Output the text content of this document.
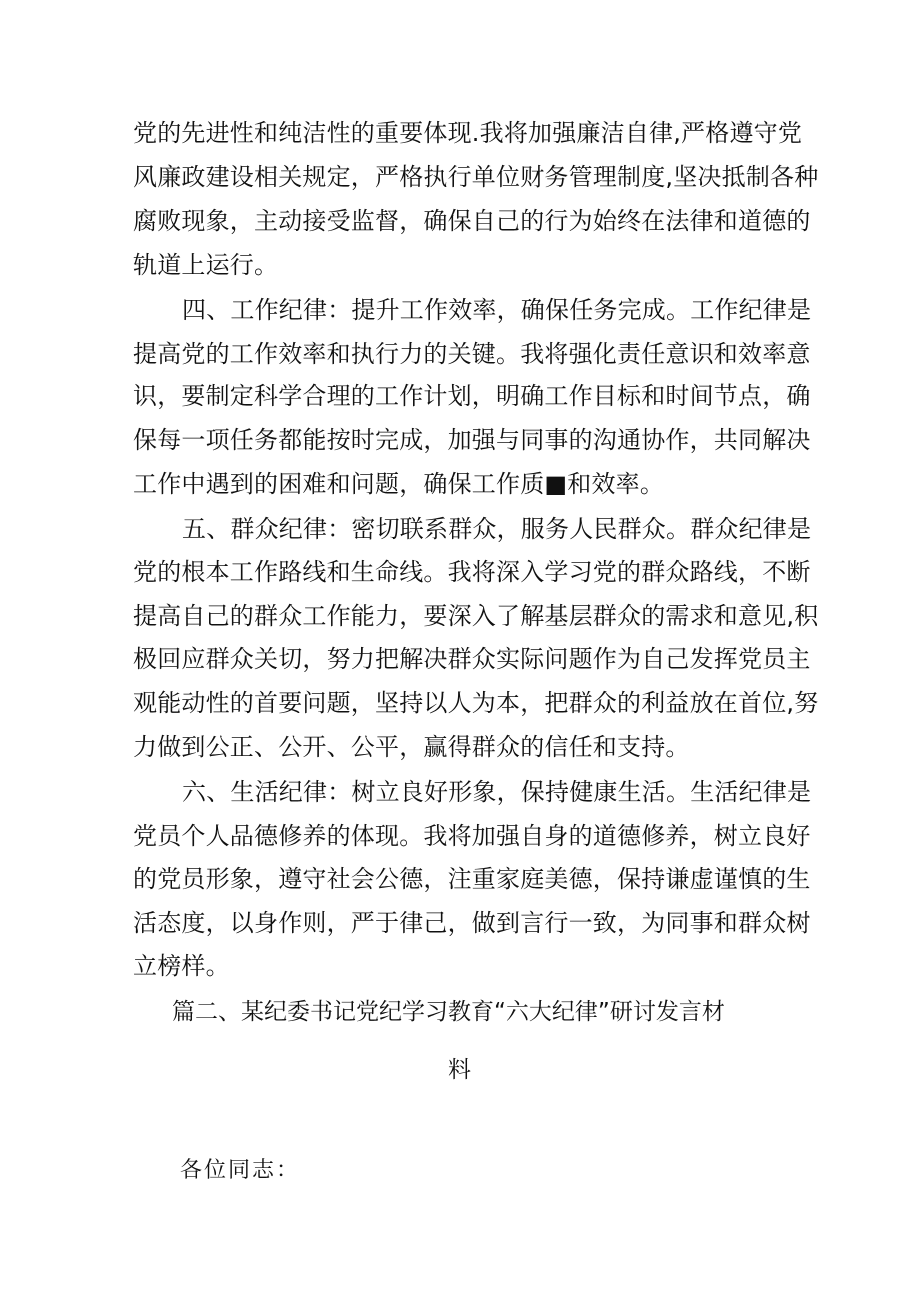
党的先进性和纯洁性的重要体现.我将加强廉洁自律,严格遵守党
风廉政建设相关规定，严格执行单位财务管理制度,坚决抵制各种
腐败现象，主动接受监督，确保自己的行为始终在法律和道德的
轨道上运行。
四、工作纪律：提升工作效率，确保任务完成。工作纪律是
提高党的工作效率和执行力的关键。我将强化责任意识和效率意
识，要制定科学合理的工作计划，明确工作目标和时间节点，确
保每一项任务都能按时完成，加强与同事的沟通协作，共同解决
工作中遇到的困难和问题，确保工作质■和效率。
五、群众纪律：密切联系群众，服务人民群众。群众纪律是
党的根本工作路线和生命线。我将深入学习党的群众路线，不断
提高自己的群众工作能力，要深入了解基层群众的需求和意见,积
极回应群众关切，努力把解决群众实际问题作为自己发挥党员主
观能动性的首要问题，坚持以人为本，把群众的利益放在首位,努
力做到公正、公开、公平，赢得群众的信任和支持。
六、生活纪律：树立良好形象，保持健康生活。生活纪律是
党员个人品德修养的体现。我将加强自身的道德修养，树立良好
的党员形象，遵守社会公德，注重家庭美德，保持谦虚谨慎的生
活态度，以身作则，严于律己，做到言行一致，为同事和群众树
立榜样。
篇二、某纪委书记党纪学习教育“六大纪律”研讨发言材
料
各位同志：
